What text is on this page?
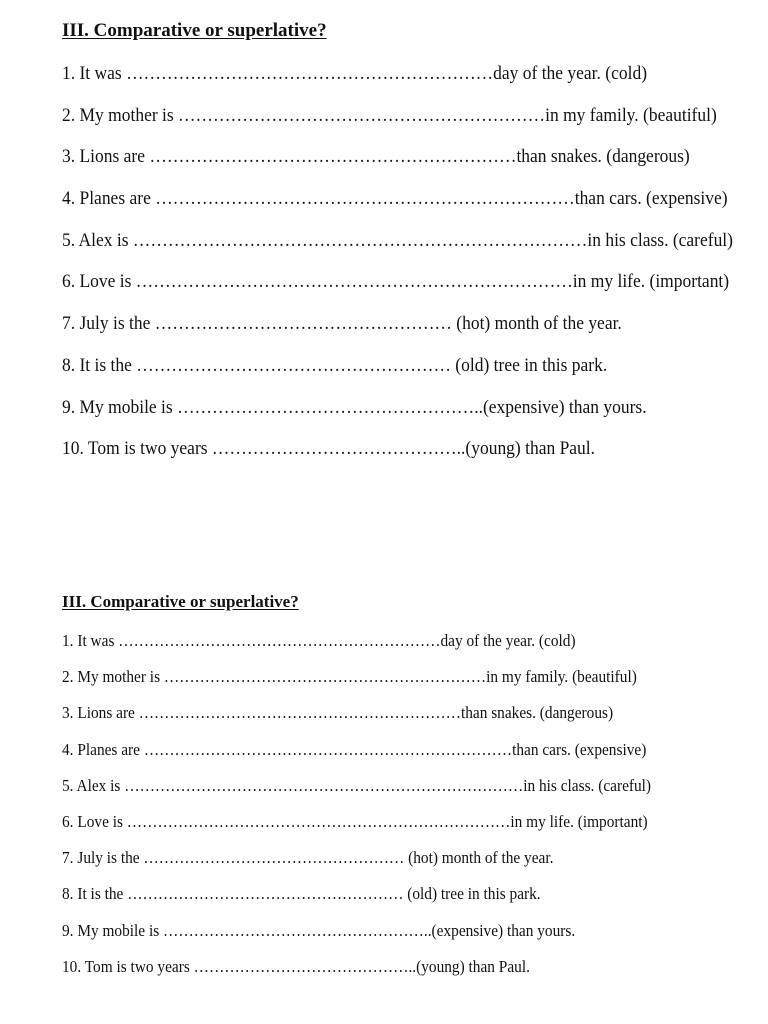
III. Comparative or superlative?
1. It was ………………………………………………………day of the year. (cold)
2. My mother is ………………………………………………………in my family. (beautiful)
3. Lions are ………………………………………………………than snakes. (dangerous)
4. Planes are ………………………………………………………………than cars. (expensive)
5. Alex is ……………………………………………………………………in his class. (careful)
6. Love is …………………………………………………………………in my life. (important)
7. July is the …………………………………………… (hot) month of the year.
8. It is the ……………………………………………… (old) tree in this park.
9. My mobile is ……………………………………………..(expensive) than yours.
10. Tom is two years ……………………………………..(young) than Paul.
III. Comparative or superlative?
1. It was ………………………………………………………day of the year. (cold)
2. My mother is ………………………………………………………in my family. (beautiful)
3. Lions are ………………………………………………………than snakes. (dangerous)
4. Planes are ………………………………………………………………than cars. (expensive)
5. Alex is ……………………………………………………………………in his class. (careful)
6. Love is …………………………………………………………………in my life. (important)
7. July is the …………………………………………… (hot) month of the year.
8. It is the ……………………………………………… (old) tree in this park.
9. My mobile is ……………………………………………..(expensive) than yours.
10. Tom is two years ……………………………………..(young) than Paul.
